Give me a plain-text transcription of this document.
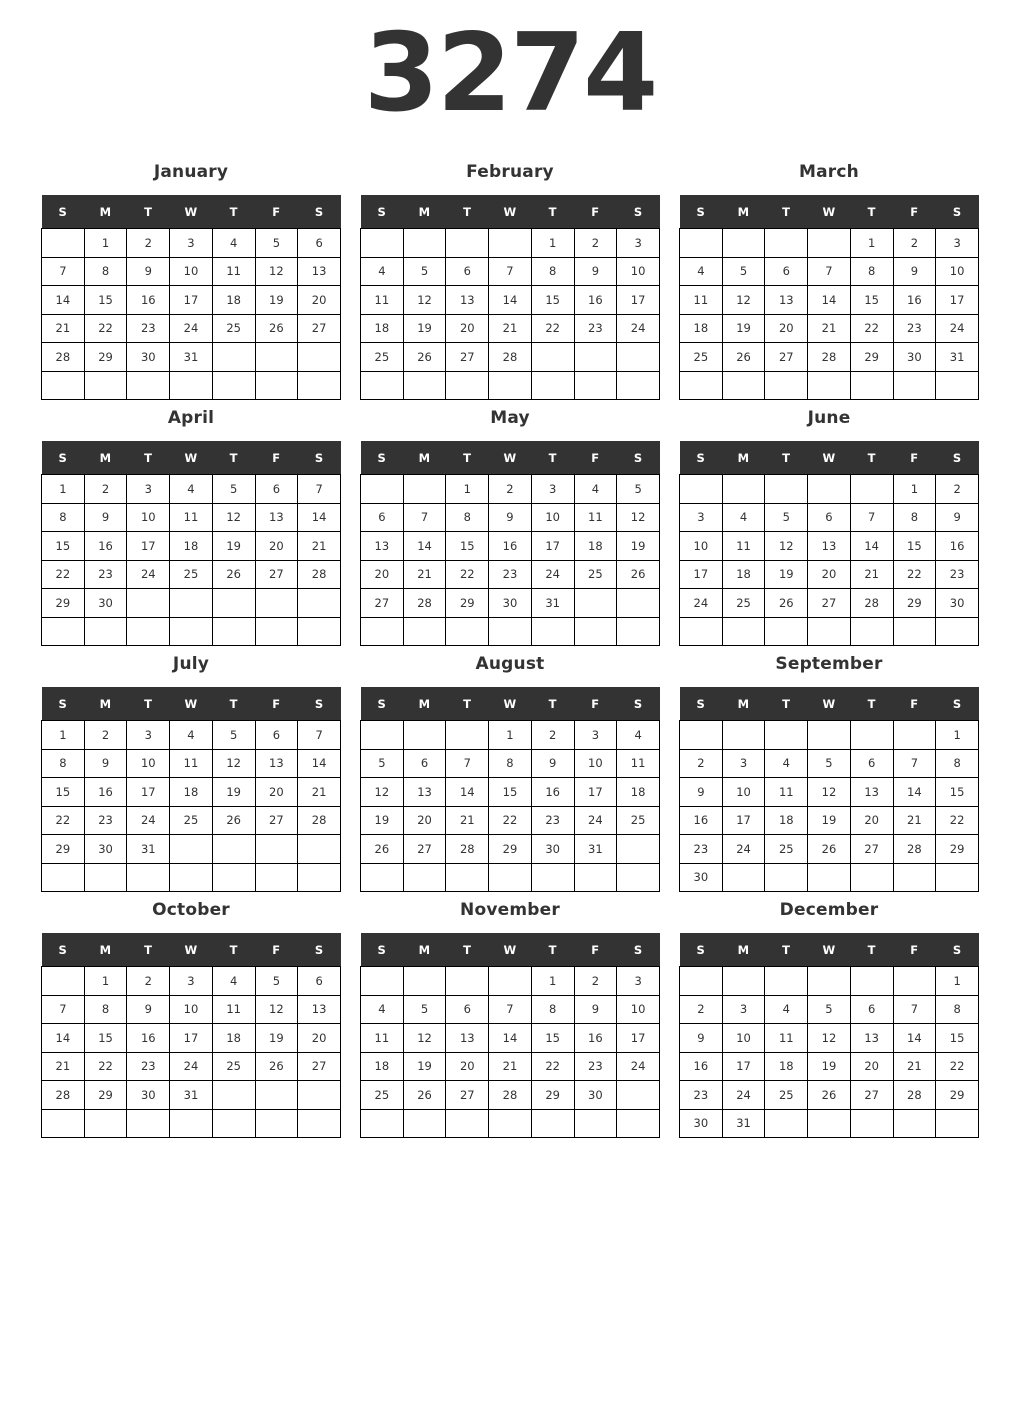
3274
January
S	M	T	W	T	F	S
	1	2	3	4	5	6
7	8	9	10	11	12	13
14	15	16	17	18	19	20
21	22	23	24	25	26	27
28	29	30	31			

February
S	M	T	W	T	F	S
				1	2	3
4	5	6	7	8	9	10
11	12	13	14	15	16	17
18	19	20	21	22	23	24
25	26	27	28			

March
S	M	T	W	T	F	S
				1	2	3
4	5	6	7	8	9	10
11	12	13	14	15	16	17
18	19	20	21	22	23	24
25	26	27	28	29	30	31

April
S	M	T	W	T	F	S
1	2	3	4	5	6	7
8	9	10	11	12	13	14
15	16	17	18	19	20	21
22	23	24	25	26	27	28
29	30					

May
S	M	T	W	T	F	S
		1	2	3	4	5
6	7	8	9	10	11	12
13	14	15	16	17	18	19
20	21	22	23	24	25	26
27	28	29	30	31		

June
S	M	T	W	T	F	S
					1	2
3	4	5	6	7	8	9
10	11	12	13	14	15	16
17	18	19	20	21	22	23
24	25	26	27	28	29	30

July
S	M	T	W	T	F	S
1	2	3	4	5	6	7
8	9	10	11	12	13	14
15	16	17	18	19	20	21
22	23	24	25	26	27	28
29	30	31				

August
S	M	T	W	T	F	S
			1	2	3	4
5	6	7	8	9	10	11
12	13	14	15	16	17	18
19	20	21	22	23	24	25
26	27	28	29	30	31	

September
S	M	T	W	T	F	S
						1
2	3	4	5	6	7	8
9	10	11	12	13	14	15
16	17	18	19	20	21	22
23	24	25	26	27	28	29
30						
October
S	M	T	W	T	F	S
	1	2	3	4	5	6
7	8	9	10	11	12	13
14	15	16	17	18	19	20
21	22	23	24	25	26	27
28	29	30	31			

November
S	M	T	W	T	F	S
				1	2	3
4	5	6	7	8	9	10
11	12	13	14	15	16	17
18	19	20	21	22	23	24
25	26	27	28	29	30	

December
S	M	T	W	T	F	S
						1
2	3	4	5	6	7	8
9	10	11	12	13	14	15
16	17	18	19	20	21	22
23	24	25	26	27	28	29
30	31					
